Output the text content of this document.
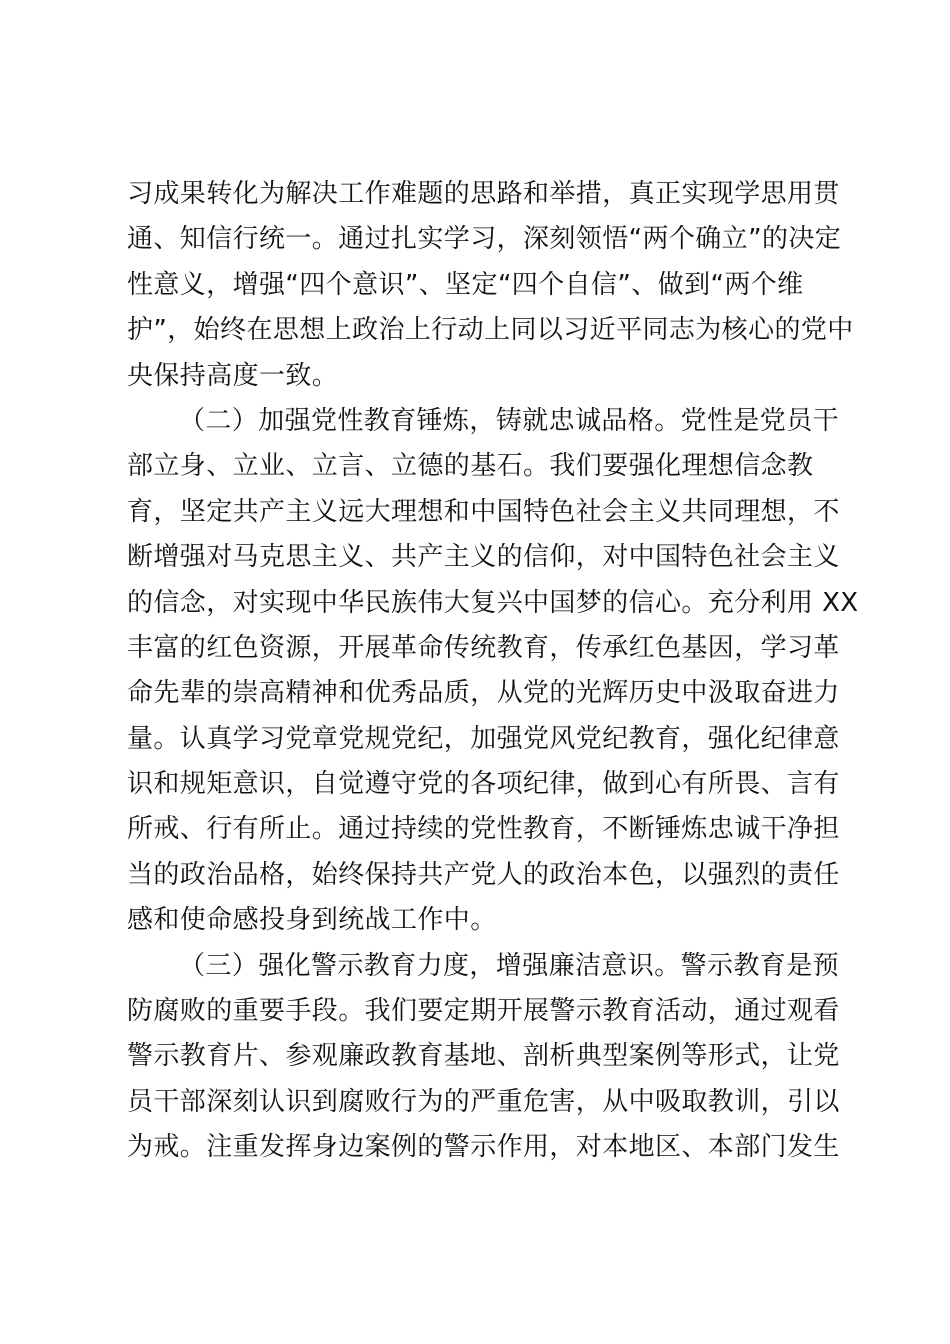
习成果转化为解决工作难题的思路和举措，真正实现学思用贯
通、知信行统一。通过扎实学习，深刻领悟“两个确立”的决定
性意义，增强“四个意识”、坚定“四个自信”、做到“两个维
护”，始终在思想上政治上行动上同以习近平同志为核心的党中
央保持高度一致。
（二）加强党性教育锤炼，铸就忠诚品格。党性是党员干
部立身、立业、立言、立德的基石。我们要强化理想信念教
育，坚定共产主义远大理想和中国特色社会主义共同理想，不
断增强对马克思主义、共产主义的信仰，对中国特色社会主义
的信念，对实现中华民族伟大复兴中国梦的信心。充分利用 XX
丰富的红色资源，开展革命传统教育，传承红色基因，学习革
命先辈的崇高精神和优秀品质，从党的光辉历史中汲取奋进力
量。认真学习党章党规党纪，加强党风党纪教育，强化纪律意
识和规矩意识，自觉遵守党的各项纪律，做到心有所畏、言有
所戒、行有所止。通过持续的党性教育，不断锤炼忠诚干净担
当的政治品格，始终保持共产党人的政治本色，以强烈的责任
感和使命感投身到统战工作中。
（三）强化警示教育力度，增强廉洁意识。警示教育是预
防腐败的重要手段。我们要定期开展警示教育活动，通过观看
警示教育片、参观廉政教育基地、剖析典型案例等形式，让党
员干部深刻认识到腐败行为的严重危害，从中吸取教训，引以
为戒。注重发挥身边案例的警示作用，对本地区、本部门发生
